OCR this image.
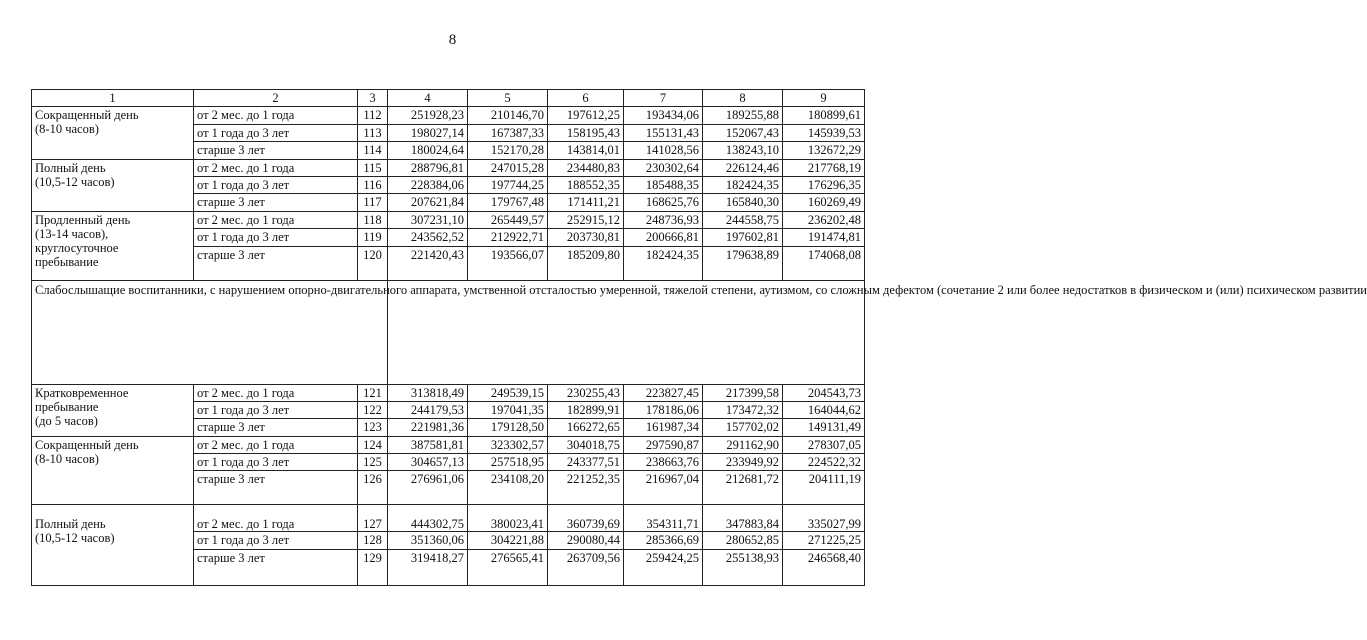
8
1	2	3	4	5	6	7	8	9

Сокращенный день
(8-10 часов)	от 2 мес. до 1 года	112	251928,23	210146,70	197612,25	193434,06	189255,88	180899,61
	от 1 года до 3 лет	113	198027,14	167387,33	158195,43	155131,43	152067,43	145939,53
	старше 3 лет	114	180024,64	152170,28	143814,01	141028,56	138243,10	132672,29

Полный день
(10,5-12 часов)	от 2 мес. до 1 года	115	288796,81	247015,28	234480,83	230302,64	226124,46	217768,19
	от 1 года до 3 лет	116	228384,06	197744,25	188552,35	185488,35	182424,35	176296,35
	старше 3 лет	117	207621,84	179767,48	171411,21	168625,76	165840,30	160269,49

Продленный день
(13-14 часов),
круглосуточное
пребывание	от 2 мес. до 1 года	118	307231,10	265449,57	252915,12	248736,93	244558,75	236202,48
	от 1 года до 3 лет	119	243562,52	212922,71	203730,81	200666,81	197602,81	191474,81
	старше 3 лет	120	221420,43	193566,07	185209,80	182424,35	179638,89	174068,08
Слабослышащие воспитанники, с нарушением опорно-двигательного аппарата, умственной отсталостью умеренной, тяжелой степени, аутизмом, со сложным дефектом (сочетание 2 или более недостатков в физическом и (или) психическом развитии								

Кратковременное
пребывание
(до 5 часов)	от 2 мес. до 1 года	121	313818,49	249539,15	230255,43	223827,45	217399,58	204543,73
	от 1 года до 3 лет	122	244179,53	197041,35	182899,91	178186,06	173472,32	164044,62
	старше 3 лет	123	221981,36	179128,50	166272,65	161987,34	157702,02	149131,49

Сокращенный день
(8-10 часов)	от 2 мес. до 1 года	124	387581,81	323302,57	304018,75	297590,87	291162,90	278307,05
	от 1 года до 3 лет	125	304657,13	257518,95	243377,51	238663,76	233949,92	224522,32
	старше 3 лет	126	276961,06	234108,20	221252,35	216967,04	212681,72	204111,19

Полный день
(10,5-12 часов)	от 2 мес. до 1 года	127	444302,75	380023,41	360739,69	354311,71	347883,84	335027,99
	от 1 года до 3 лет	128	351360,06	304221,88	290080,44	285366,69	280652,85	271225,25
	старше 3 лет	129	319418,27	276565,41	263709,56	259424,25	255138,93	246568,40
